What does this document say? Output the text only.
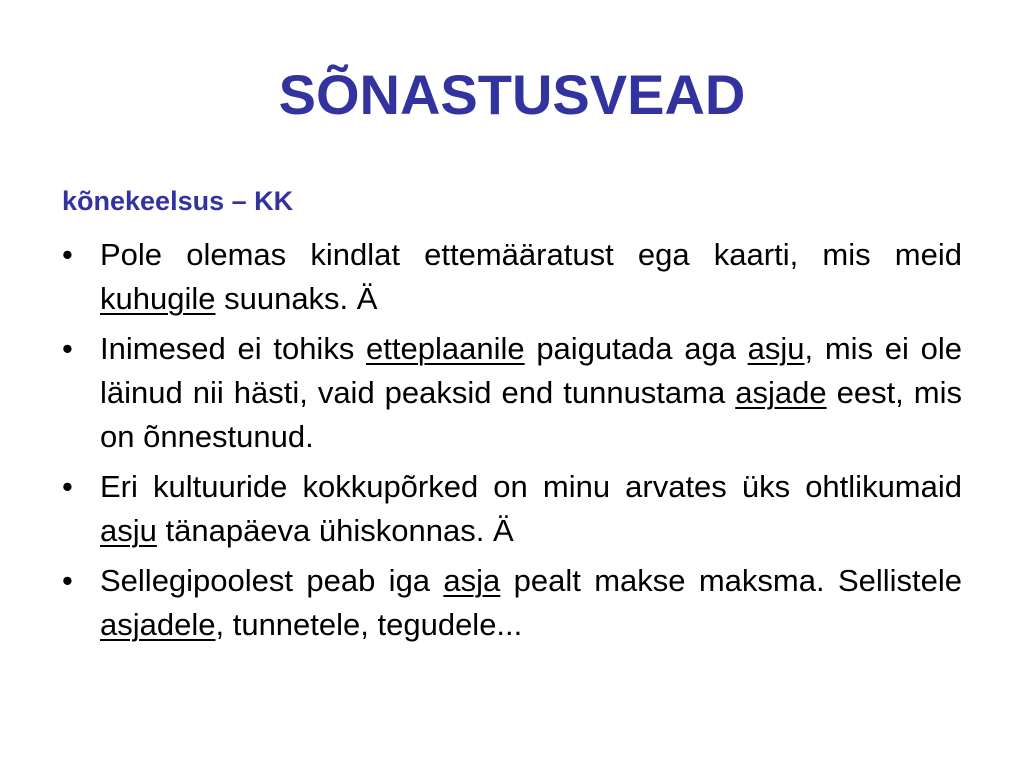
SÕNASTUSVEAD

kõnekeelsus – KK

• Pole olemas kindlat ettemääratust ega kaarti, mis meid kuhugile suunaks. Ä
• Inimesed ei tohiks etteplaanile paigutada aga asju, mis ei ole läinud nii hästi, vaid peaksid end tunnustama asjade eest, mis on õnnestunud.
• Eri kultuuride kokkupõrked on minu arvates üks ohtlikumaid asju tänapäeva ühiskonnas. Ä
• Sellegipoolest peab iga asja pealt makse maksma. Sellistele asjadele, tunnetele, tegudele...
